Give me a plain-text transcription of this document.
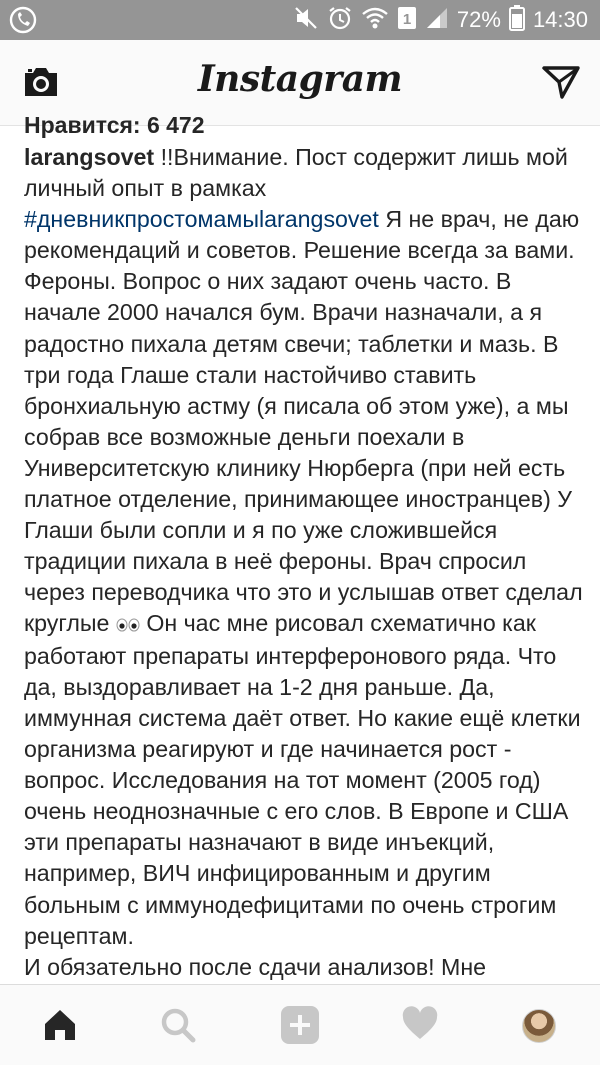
1 72% 14:30
Instagram
Нравится: 6 472

larangsovet !!Внимание. Пост содержит лишь мой личный опыт в рамках #дневникпростомамыlarangsovet Я не врач, не даю рекомендаций и советов. Решение всегда за вами.

Фероны. Вопрос о них задают очень часто. В начале 2000 начался бум. Врачи назначали, а я радостно пихала детям свечи; таблетки и мазь. В три года Глаше стали настойчиво ставить бронхиальную астму (я писала об этом уже), а мы собрав все возможные деньги поехали в Университетскую клинику Нюрберга (при ней есть платное отделение, принимающее иностранцев) У Глаши были сопли и я по уже сложившейся традиции пихала в неё фероны. Врач спросил через переводчика что это и услышав ответ сделал круглые  Он час мне рисовал схематично как работают препараты интерферонового ряда. Что да, выздоравливает на 1-2 дня раньше. Да, иммунная система даёт ответ. Но какие ещё клетки организма реагируют и где начинается рост - вопрос. Исследования на тот момент (2005 год) очень неоднозначные с его слов. В Европе и США эти препараты назначают в виде инъекций, например, ВИЧ инфицированным и другим больным с иммунодефицитами по очень строгим рецептам.

И обязательно после сдачи анализов! Мне
